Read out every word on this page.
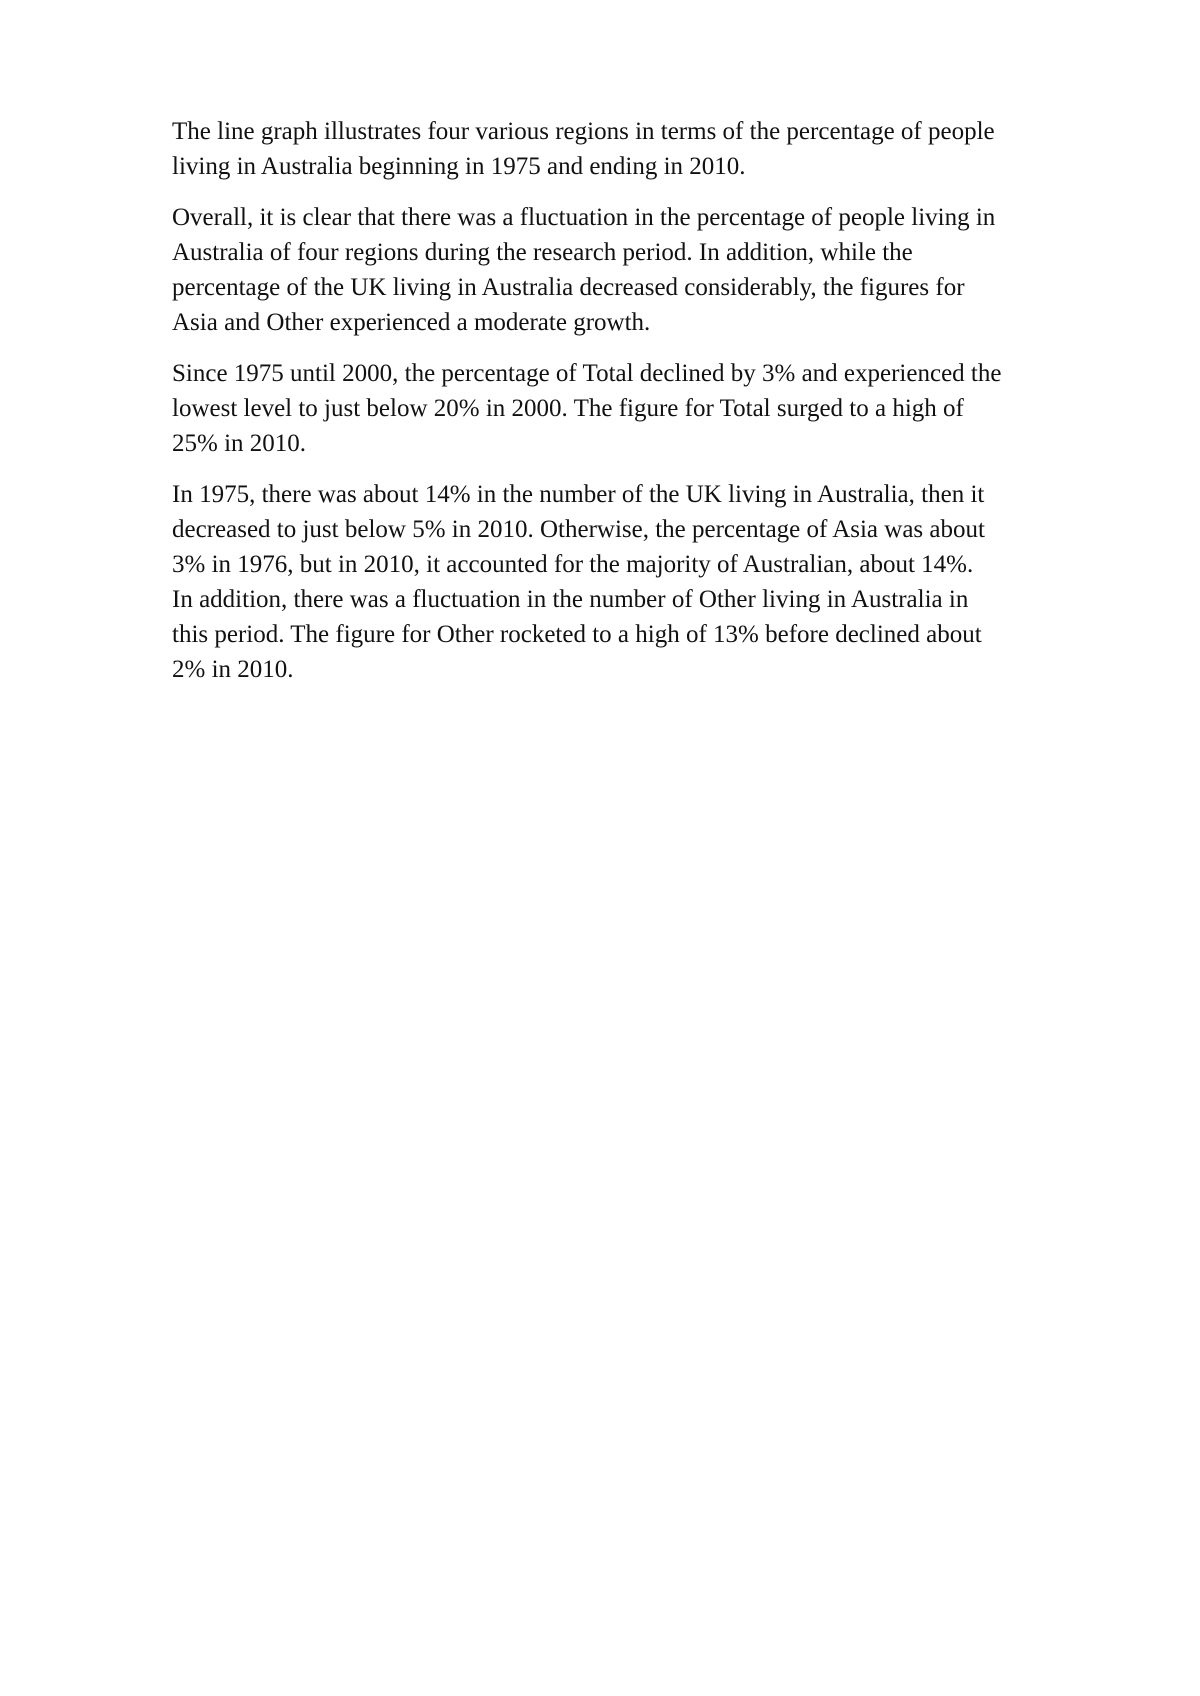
The line graph illustrates four various regions in terms of the percentage of people
living in Australia beginning in 1975 and ending in 2010.

Overall, it is clear that there was a fluctuation in the percentage of people living in
Australia of four regions during the research period. In addition, while the
percentage of the UK living in Australia decreased considerably, the figures for
Asia and Other experienced a moderate growth.

Since 1975 until 2000, the percentage of Total declined by 3% and experienced the
lowest level to just below 20% in 2000. The figure for Total surged to a high of
25% in 2010.

In 1975, there was about 14% in the number of the UK living in Australia, then it
decreased to just below 5% in 2010. Otherwise, the percentage of Asia was about
3% in 1976, but in 2010, it accounted for the majority of Australian, about 14%.
In addition, there was a fluctuation in the number of Other living in Australia in
this period. The figure for Other rocketed to a high of 13% before declined about
2% in 2010.
